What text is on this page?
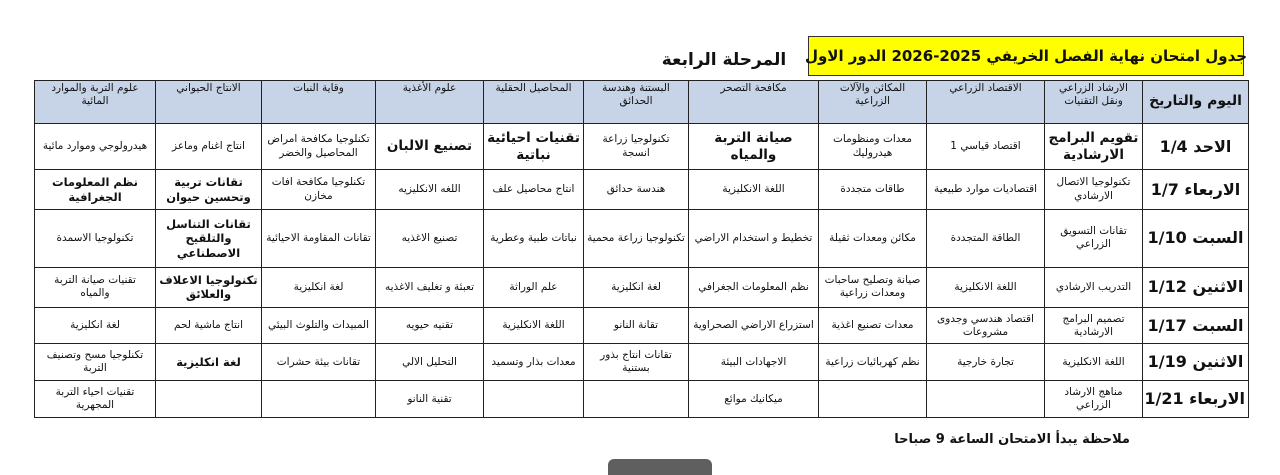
جدول امتحان نهاية الفصل الخريفي 2025-2026 الدور الاول
المرحلة الرابعة
اليوم والتاريخ	الارشاد الزراعي ونقل التقنيات	الاقتصاد الزراعي	المكائن والآلات الزراعية	مكافحة التصحر	البستنة وهندسة الحدائق	المحاصيل الحقلية	علوم الأغذية	وقاية النبات	الانتاج الحيواني	علوم التربة والموارد المائية
الاحد 1/4	تقويم البرامج الارشادية	اقتصاد قياسي 1	معدات ومنظومات هيدروليك	صيانة التربة والمياه	تكنولوجيا زراعة انسجة	تقنيات احيائية نباتية	تصنيع الالبان	تكنلوجيا مكافحة امراض المحاصيل والخضر	انتاج اغنام وماعز	هيدرولوجي وموارد مائية
الاربعاء 1/7	تكنولوجيا الاتصال الارشادي	اقتصاديات موارد طبيعية	طاقات متجددة	اللغة الانكليزية	هندسة حدائق	انتاج محاصيل علف	اللغه الانكليزيه	تكنلوجيا مكافحة افات مخازن	تقانات تربية وتحسين حيوان	نظم المعلومات الجغرافية
السبت 1/10	تقانات التسويق الزراعي	الطاقة المتجددة	مكائن ومعدات ثقيلة	تخطيط و استخدام الاراضي	تكنولوجيا زراعة محمية	نباتات طبية وعطرية	تصنيع الاغذيه	تقانات المقاومة الاحيائية	تقانات التناسل والتلقيح الاصطناعي	تكنولوجيا الاسمدة
الاثنين 1/12	التدريب الارشادي	اللغة الانكليزية	صيانة وتصليح ساحبات ومعدات زراعية	نظم المعلومات الجغرافي	لغة انكليزية	علم الوراثة	تعبئة و تغليف الاغذيه	لغة انكليزية	تكنولوجيا الاعلاف والعلائق	تقنيات صيانة التربة والمياه
السبت 1/17	تصميم البرامج الارشادية	اقتصاد هندسي وجدوى مشروعات	معدات تصنيع اغذية	استزراع الاراضي الصحراوية	تقانة النانو	اللغة الانكليزية	تقنيه حيويه	المبيدات والتلوث البيئي	انتاج ماشية لحم	لغة انكليزية
الاثنين 1/19	اللغة الانكليزية	تجارة خارجية	نظم كهربائيات زراعية	الاجهادات البيئة	تقانات انتاج بذور بستنية	معدات بذار وتسميد	التحليل الالي	تقانات بيئة حشرات	لغة انكليزية	تكنلوجيا مسح وتصنيف التربة
الاربعاء 1/21	مناهج الارشاد الزراعي			ميكانيك موائع			تقنية النانو			تقنيات احياء التربة المجهرية
ملاحظة يبدأ الامتحان الساعة 9 صباحا
